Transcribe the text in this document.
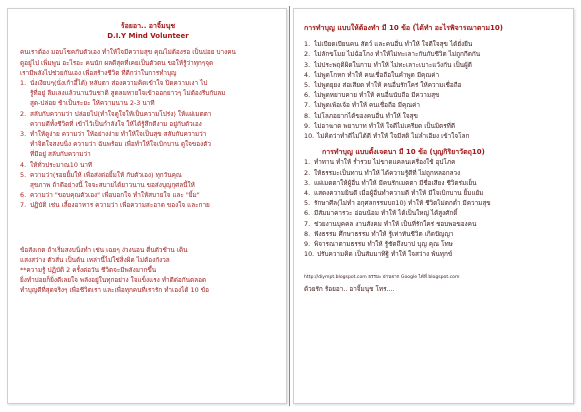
ร้อยอา.. อาจิ้มนุช
D.I.Y Mind Volunteer
คนเราต้อง มอบโชคกับตัวเอง ทำให้ใจมีความสุข คุณไม่ต้องรอ เป็นบ่อย บางคน
ดูอยู่ไป เพิ่มพูน อะไรอะ คนนัก ผลดีสุดที่เคยเป็นตัวตน ขอให้รู้ว่าทุกๆจุด
เรามีพลังไปช่วยกันเอง เพื่อสร้างชีวิต ที่ดีกว่าในการทำบุญ
1. นั่งเงียบๆ(นั่งเก้าอี้ได้) หลับตา ส่องความคิดเข้าใจ ปิดความเงา ไป
รู้ที่อยู่ ลืมเลงแล้วนานวันชาติ สูดลมหายใจเข้าออกยาวๆ ไม่ต้องรีบกับลม
สูด-ปล่อย ช้าเป็นระยะ ให้ความนาน 2-3 นาที
2. สลับกับความว่า ปล่อยไป(ทำใจดูใจให้เป็นความโปร่ง) ให้แผ่เมตตา
ความดีทั้งชีวิตที่ เข้าไว้เป็นกำลังใจ ให้ได้รู้สึกดีงาม อยู่กับตัวเอง
3. ทำให้ดูง่าย ความว่า ให้อย่างง่าย ทำให้ใจเป็นสุข สลับกับความว่า
ทำจิตใจสงบนิ่ง ความว่า ฉันพร้อม เพื่อทำให้ใจเบิกบาน ดูใจของตัว
ที่มีอยู่ สลับกับความว่า
4. ให้ทั่วประมาณ10 นาที
5. ความว่า(รอยยิ้มให้ เพื่อส่งต่อยิ้มให้ กับตัวเอง) ทุกวันคุณ
สุขภาพ ถ้าดีอย่างนี้ ใจจะสบายได้ยาวนาน ขอส่งบุญกุศลนี้ให้
6. ความว่า "ขอบคุณตัวเอง" เพื่อบอกใจ ทำให้สบายใจ และ "ยิ้ม"
7. ปฏิบัติ เช่น เลี้ยงอาหาร ความว่า เพื่อความสะอาด ของใจ และกาย
ข้อสังเกต ถ้าเริ่มสงบนิ่งทำ เช่น เฉยๆ ง่วงนอน ตื่นตัวช้าน เดิน
แสงสว่าง ตัวสั่น เป็นต้น เหล่านี้ไม่ใช่สิ่งผิด ไม่ต้องกังวล
**ความรู้ ปฏิบัติ 2 ครั้งต่อวัน ชีวิตจะมีพลังมากขึ้น
ยิ่งทำบ่อยก็ยิ่งดีเลยใจ พลังอยู่ในทุกอย่าง ใจแข็งแรง ทำดีต่อกันตลอด
ทำบุญดีที่สุดจริงๆ เพื่อชีวิตเรา และเพื่อทุกคนที่เรารัก ทำเองได้ 10 ข้อ
การทำบุญ แบบให้ต้องทำ มี 10 ข้อ (ได้ทำ อะไรพิจารณาตาม10)
1. ไม่เบียดเบียนคน สัตว์ และคนอื่น ทำให้ ใจดีใจสุข ได้ยั่งยืน
2. ไม่ลักขโมย ไม่ฉ้อโกง ทำให้ไม่ทะเลาะกันกับชีวิต ไม่ถูกกีดกัน
3. ไม่ประพฤติผิดในกาม ทำให้ ไม่ทะเลาะเบาะแว้งกัน เป็นผู้ดี
4. ไม่พูดโกหก ทำให้ คนเชื่อถือในคำพูด มีคุณค่า
5. ไม่พูดยุยง ส่อเสียด ทำให้ คนอื่นรักใคร่ ให้ความเชื่อถือ
6. ไม่พูดหยาบคาย ทำให้ คนอื่นนับถือ มีความสุข
7. ไม่พูดเพ้อเจ้อ ทำให้ คนเชื่อถือ มีคุณค่า
8. ไม่โลภอยากได้ของคนอื่น ทำให้ ใจสุข
9. ไม่อาฆาต พยาบาท ทำให้ ใจดีไม่เครียด เป็นมิตรที่ดี
10. ไม่คิดว่าทำดีไม่ได้ดี ทำให้ ใจมีสติ ไม่ลำเอียง เข้าใจโลก
การทำบุญ แบบตั้งเจตนา มี 10 ข้อ (บุญกิริยาวัตถุ10)
1. ทำทาน ทำให้ ร่ำรวย ไม่ขาดแคลนเครื่องใช้ อุปโภค
2. ให้ธรรมะเป็นทาน ทำให้ ได้ความรู้ดีที่ ไม่ถูกหลอกลวง
3. แผ่เมตตาให้ผู้อื่น ทำให้ มีคนรักเมตตา มีชื่อเสียง ชีวิตร่มเย็น
4. แสดงความยินดี เมื่อผู้อื่นทำความดี ทำให้ มีใจเบิกบาน ยิ้มแย้ม
5. รักษาศีล(ไม่ทำ อกุศลกรรมบถ10) ทำให้ ชีวิตไม่ตกต่ำ มีความสุข
6. มีสัมมาคารวะ อ่อนน้อม ทำให้ ได้เป็นใหญ่ ได้สูงศักดิ์
7. ช่วยงานบุคคล งานสังคม ทำให้ เป็นที่รักใคร่ ชอบพอของคน
8. ฟังธรรม ศึกษาธรรม ทำให้ รู้เท่าทันชีวิต เกิดปัญญา
9. พิจารณาตามธรรม ทำให้ รู้ชัดถึงบาป บุญ คุณ โทษ
10. ปรับความคิด เป็นสัมมาทิฐิ ทำให้ ใจสว่าง พ้นทุกข์
http://diympt.blogspot.com ธรรมะ อ่านจาก Google ได้ที่ blogspot.com
ด้วยรัก ร้อยอา.. อาจิ้มนุช โทร....
